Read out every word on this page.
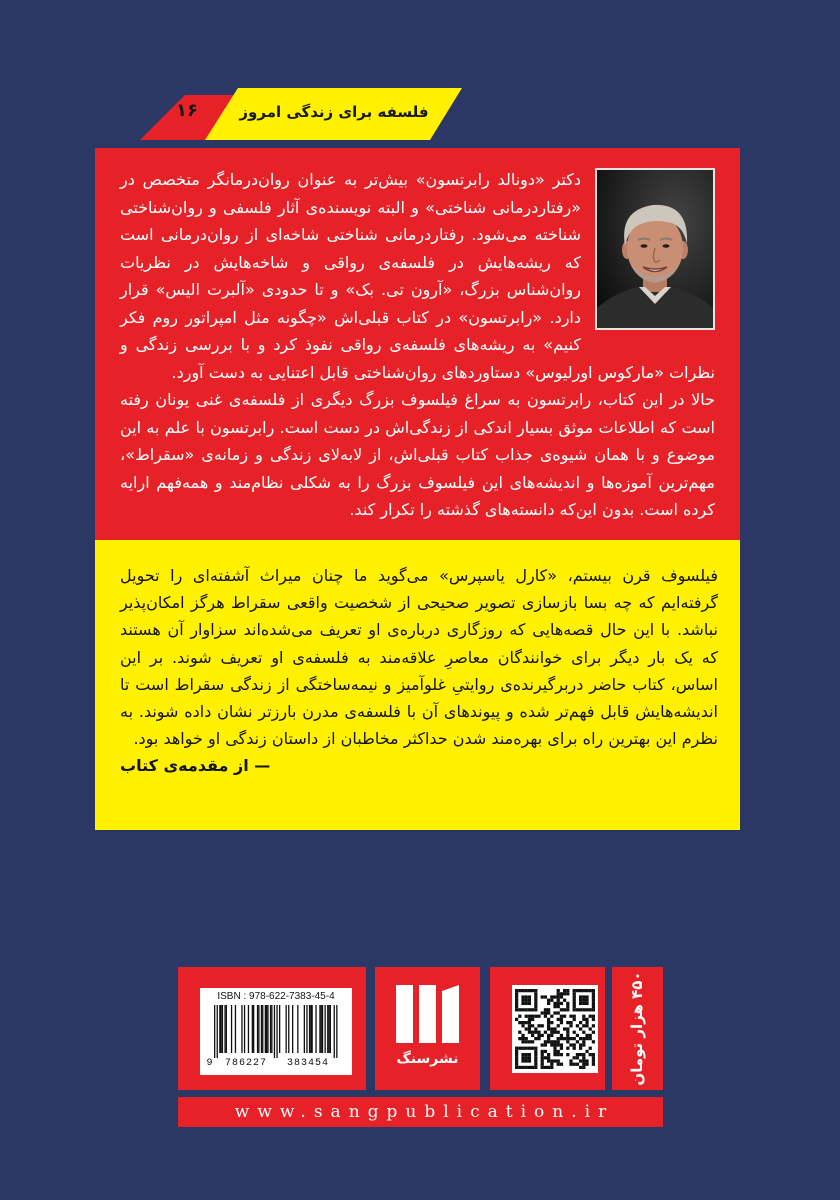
۱۶	فلسفه برای زندگی امروز

دکتر «دونالد رابرتسون» بیش‌تر به عنوان روان‌درمانگر متخصص در «رفتاردرمانی شناختی» و البته نویسنده‌ی آثار فلسفی و روان‌شناختی شناخته می‌شود. رفتاردرمانی شناختی شاخه‌ای از روان‌درمانی است که ریشه‌هایش در فلسفه‌ی رواقی و شاخه‌هایش در نظریات روان‌شناس بزرگ، «آرون تی. بک» و تا حدودی «آلبرت الیس» قرار دارد. «رابرتسون» در کتاب قبلی‌اش «چگونه مثل امپراتور روم فکر کنیم» به ریشه‌های فلسفه‌ی رواقی نفوذ کرد و با بررسی زندگی و نظرات «مارکوس اورلیوس» دستاوردهای روان‌شناختی قابل اعتنایی به دست آورد.

حالا در این کتاب، رابرتسون به سراغ فیلسوف بزرگ دیگری از فلسفه‌ی غنی یونان رفته است که اطلاعات موثق بسیار اندکی از زندگی‌اش در دست است. رابرتسون با علم به این موضوع و با همان شیوه‌ی جذاب کتاب قبلی‌اش، از لابه‌لای زندگی و زمانه‌ی «سقراط»، مهم‌ترین آموزه‌ها و اندیشه‌های این فیلسوف بزرگ را به شکلی نظام‌مند و همه‌فهم ارایه کرده است. بدون این‌که دانسته‌های گذشته را تکرار کند.

فیلسوف قرن بیستم، «کارل یاسپرس» می‌گوید ما چنان میراث آشفته‌ای را تحویل گرفته‌ایم که چه بسا بازسازی تصویر صحیحی از شخصیت واقعی سقراط هرگز امکان‌پذیر نباشد. با این حال قصه‌هایی که روزگاری درباره‌ی او تعریف می‌شده‌اند سزاوار آن هستند که یک بار دیگر برای خوانندگان معاصرِ علاقه‌مند به فلسفه‌ی او تعریف شوند. بر این اساس، کتاب حاضر دربرگیرنده‌ی روایتیِ غلوآمیز و نیمه‌ساختگی از زندگی سقراط است تا اندیشه‌هایش قابل فهم‌تر شده و پیوندهای آن با فلسفه‌ی مدرن بارزتر نشان داده شوند. به نظرم این بهترین راه برای بهره‌مند شدن حداکثر مخاطبان از داستان زندگی او خواهد بود.

— از مقدمه‌ی کتاب

ISBN : 978-622-7383-45-4
9	786227	383454	نشرسنگ	۴۵۰ هزار تومان
www.sangpublication.ir
